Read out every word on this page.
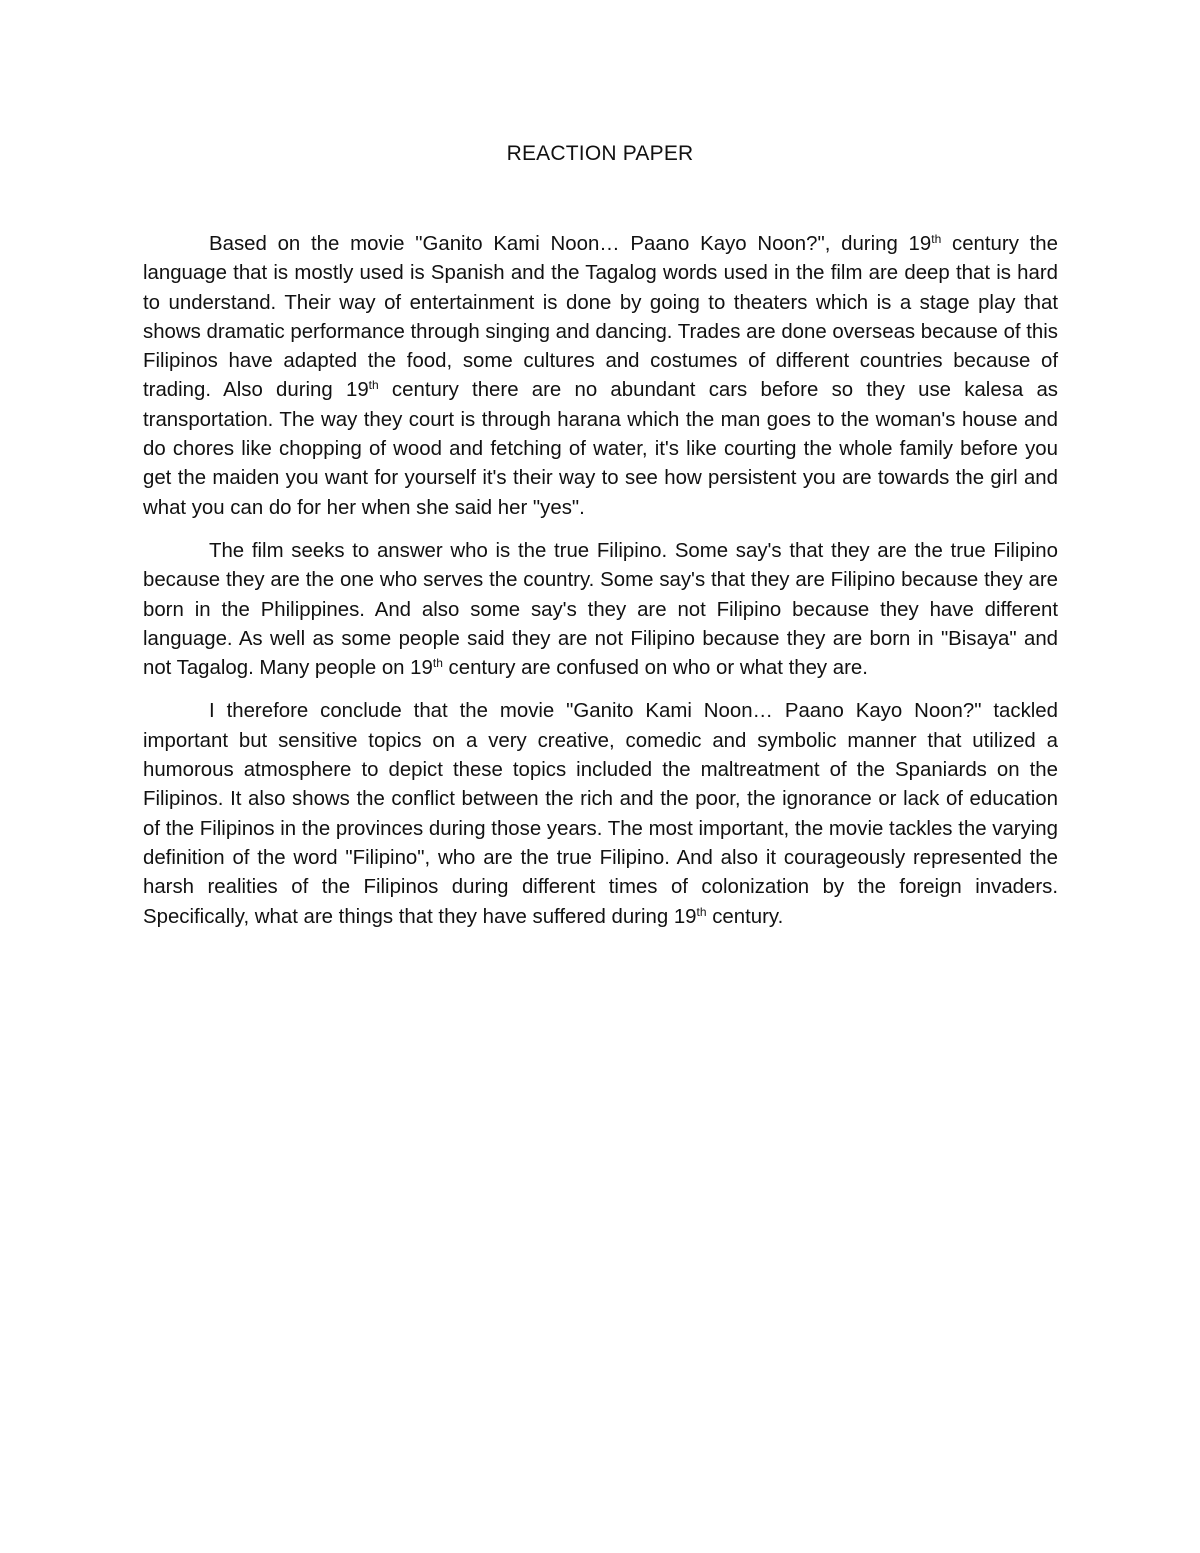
REACTION PAPER

Based on the movie "Ganito Kami Noon… Paano Kayo Noon?", during 19th century the language that is mostly used is Spanish and the Tagalog words used in the film are deep that is hard to understand. Their way of entertainment is done by going to theaters which is a stage play that shows dramatic performance through singing and dancing. Trades are done overseas because of this Filipinos have adapted the food, some cultures and costumes of different countries because of trading. Also during 19th century there are no abundant cars before so they use kalesa as transportation. The way they court is through harana which the man goes to the woman's house and do chores like chopping of wood and fetching of water, it's like courting the whole family before you get the maiden you want for yourself it's their way to see how persistent you are towards the girl and what you can do for her when she said her "yes".

The film seeks to answer who is the true Filipino. Some say's that they are the true Filipino because they are the one who serves the country. Some say's that they are Filipino because they are born in the Philippines. And also some say's they are not Filipino because they have different language. As well as some people said they are not Filipino because they are born in "Bisaya" and not Tagalog. Many people on 19th century are confused on who or what they are.

I therefore conclude that the movie "Ganito Kami Noon… Paano Kayo Noon?" tackled important but sensitive topics on a very creative, comedic and symbolic manner that utilized a humorous atmosphere to depict these topics included the maltreatment of the Spaniards on the Filipinos. It also shows the conflict between the rich and the poor, the ignorance or lack of education of the Filipinos in the provinces during those years. The most important, the movie tackles the varying definition of the word "Filipino", who are the true Filipino. And also it courageously represented the harsh realities of the Filipinos during different times of colonization by the foreign invaders. Specifically, what are things that they have suffered during 19th century.
